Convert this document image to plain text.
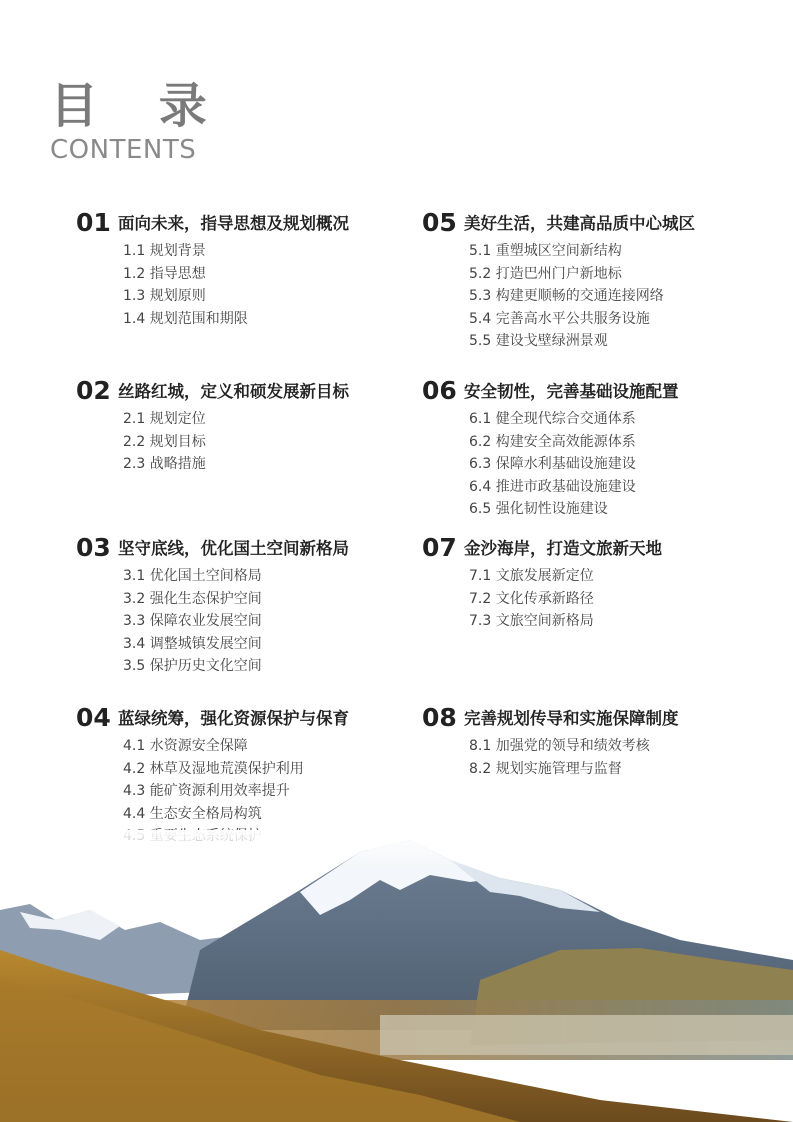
目 录
CONTENTS
01 面向未来，指导思想及规划概况
1.1 规划背景
1.2 指导思想
1.3 规划原则
1.4 规划范围和期限
02 丝路红城，定义和硕发展新目标
2.1 规划定位
2.2 规划目标
2.3 战略措施
03 坚守底线，优化国土空间新格局
3.1 优化国土空间格局
3.2 强化生态保护空间
3.3 保障农业发展空间
3.4 调整城镇发展空间
3.5 保护历史文化空间
04 蓝绿统筹，强化资源保护与保育
4.1 水资源安全保障
4.2 林草及湿地荒漠保护利用
4.3 能矿资源利用效率提升
4.4 生态安全格局构筑
05 美好生活，共建高品质中心城区
5.1 重塑城区空间新结构
5.2 打造巴州门户新地标
5.3 构建更顺畅的交通连接网络
5.4 完善高水平公共服务设施
5.5 建设戈壁绿洲景观
06 安全韧性，完善基础设施配置
6.1 健全现代综合交通体系
6.2 构建安全高效能源体系
6.3 保障水利基础设施建设
6.4 推进市政基础设施建设
6.5 强化韧性设施建设
07 金沙海岸，打造文旅新天地
7.1 文旅发展新定位
7.2 文化传承新路径
7.3 文旅空间新格局
08 完善规划传导和实施保障制度
8.1 加强党的领导和绩效考核
8.2 规划实施管理与监督
